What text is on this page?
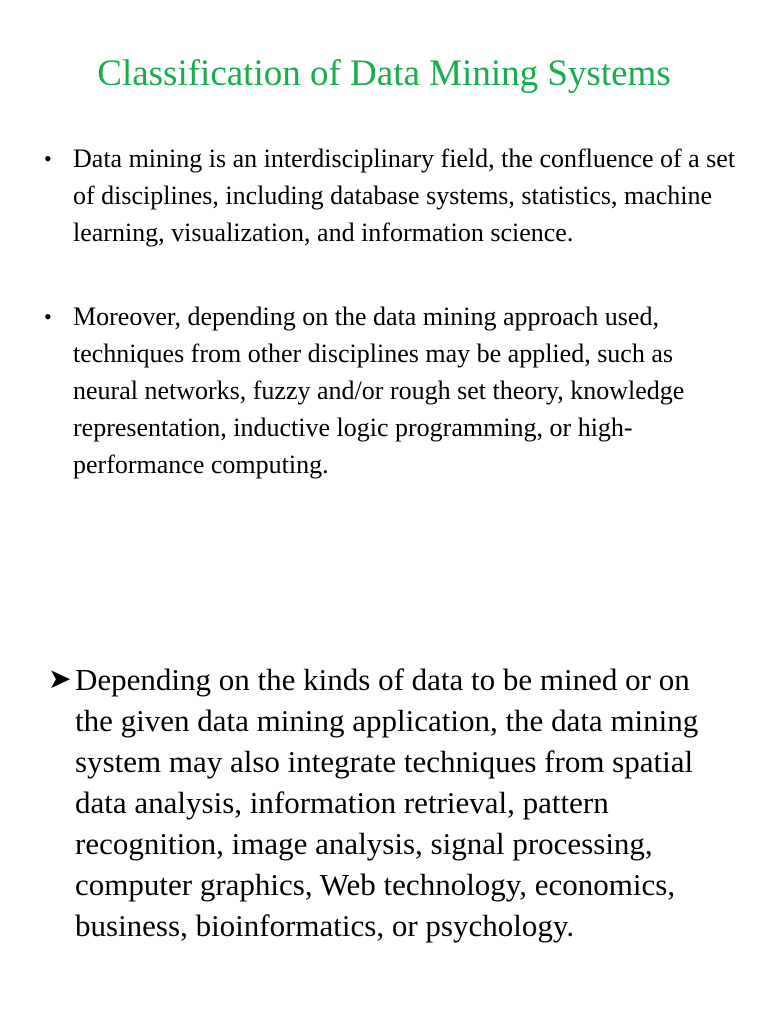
Classification of Data Mining Systems
• Data mining is an interdisciplinary field, the confluence of a set of disciplines, including database systems, statistics, machine learning, visualization, and information science.
• Moreover, depending on the data mining approach used, techniques from other disciplines may be applied, such as neural networks, fuzzy and/or rough set theory, knowledge representation, inductive logic programming, or high-performance computing.
➤ Depending on the kinds of data to be mined or on the given data mining application, the data mining system may also integrate techniques from spatial data analysis, information retrieval, pattern recognition, image analysis, signal processing, computer graphics, Web technology, economics, business, bioinformatics, or psychology.
